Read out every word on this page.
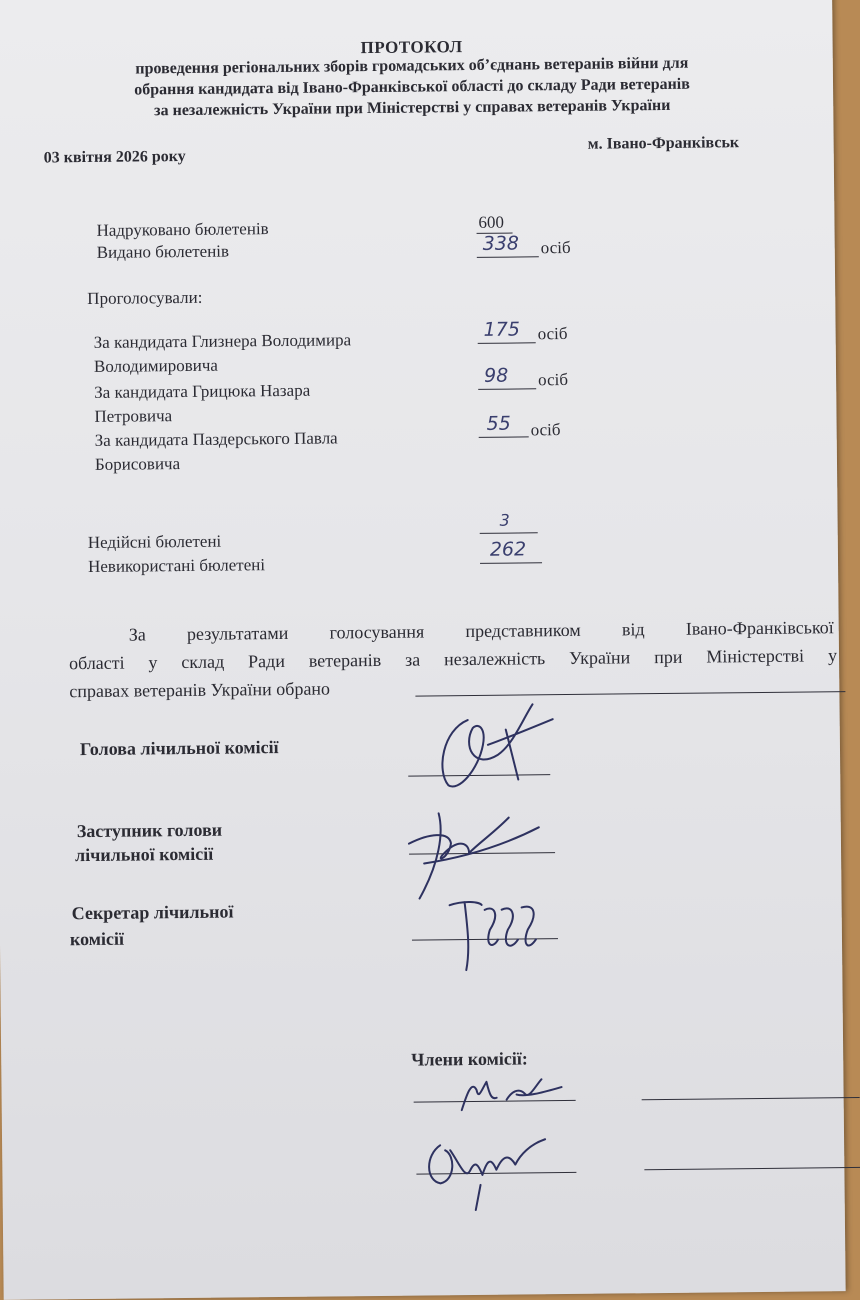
ПРОТОКОЛ
проведення регіональних зборів громадських об’єднань ветеранів війни для
обрання кандидата від Івано-Франківської області до складу Ради ветеранів
за незалежність України при Міністерстві у справах ветеранів України
03 квітня 2026 року
м. Івано-Франківськ
Надруковано бюлетенів	600
Видано бюлетенів	338 осіб
Проголосували:
За кандидата Глизнера Володимира
Володимировича
175 осіб
За кандидата Грицюка Назара
Петровича
98 осіб
За кандидата Паздерського Павла
Борисовича
55 осіб
Недійсні бюлетені
3
Невикористані бюлетені
262
За результатами голосування представником від Івано-Франківської
області у склад Ради ветеранів за незалежність України при Міністерстві у
справах ветеранів України обрано
Голова лічильної комісії
Заступник голови
лічильної комісії
Секретар лічильної
комісії
Члени комісії:
